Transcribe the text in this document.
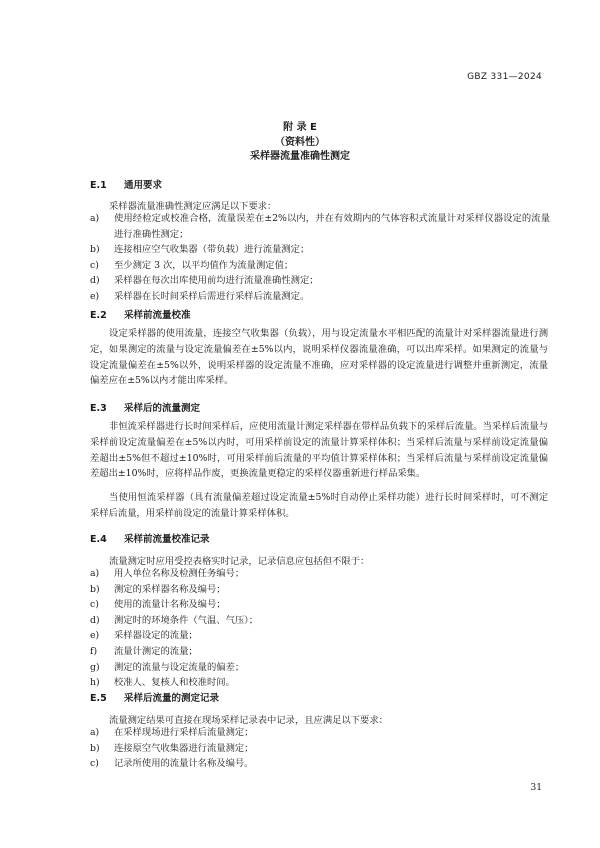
GBZ 331—2024
附 录 E
（资料性）
采样器流量准确性测定
E.1 通用要求
采样器流量准确性测定应满足以下要求：
a)	使用经检定或校准合格，流量误差在±2%以内，并在有效期内的气体容积式流量计对采样仪器设定的流量进行准确性测定；
b)	连接相应空气收集器（带负载）进行流量测定；
c)	至少测定 3 次，以平均值作为流量测定值；
d)	采样器在每次出库使用前均进行流量准确性测定；
e)	采样器在长时间采样后需进行采样后流量测定。
E.2 采样前流量校准

设定采样器的使用流量，连接空气收集器（负载），用与设定流量水平相匹配的流量计对采样器流量进行测定，如果测定的流量与设定流量偏差在±5%以内，说明采样仪器流量准确，可以出库采样。如果测定的流量与设定流量偏差在±5%以外，说明采样器的设定流量不准确，应对采样器的设定流量进行调整并重新测定，流量偏差应在±5%以内才能出库采样。

E.3 采样后的流量测定

非恒流采样器进行长时间采样后，应使用流量计测定采样器在带样品负载下的采样后流量。当采样后流量与采样前设定流量偏差在±5%以内时，可用采样前设定的流量计算采样体积；当采样后流量与采样前设定流量偏差超出±5%但不超过±10%时，可用采样前后流量的平均值计算采样体积；当采样后流量与采样前设定流量偏差超出±10%时，应将样品作废，更换流量更稳定的采样仪器重新进行样品采集。

当使用恒流采样器（具有流量偏差超过设定流量±5%时自动停止采样功能）进行长时间采样时，可不测定采样后流量，用采样前设定的流量计算采样体积。

E.4 采样前流量校准记录
流量测定时应用受控表格实时记录，记录信息应包括但不限于：
a)	用人单位名称及检测任务编号；
b)	测定的采样器名称及编号；
c)	使用的流量计名称及编号；
d)	测定时的环境条件（气温、气压）；
e)	采样器设定的流量；
f)	流量计测定的流量；
g)	测定的流量与设定流量的偏差；
h)	校准人、复核人和校准时间。
E.5 采样后流量的测定记录
流量测定结果可直接在现场采样记录表中记录，且应满足以下要求：
a)	在采样现场进行采样后流量测定；
b)	连接原空气收集器进行流量测定；
c)	记录所使用的流量计名称及编号。
31
